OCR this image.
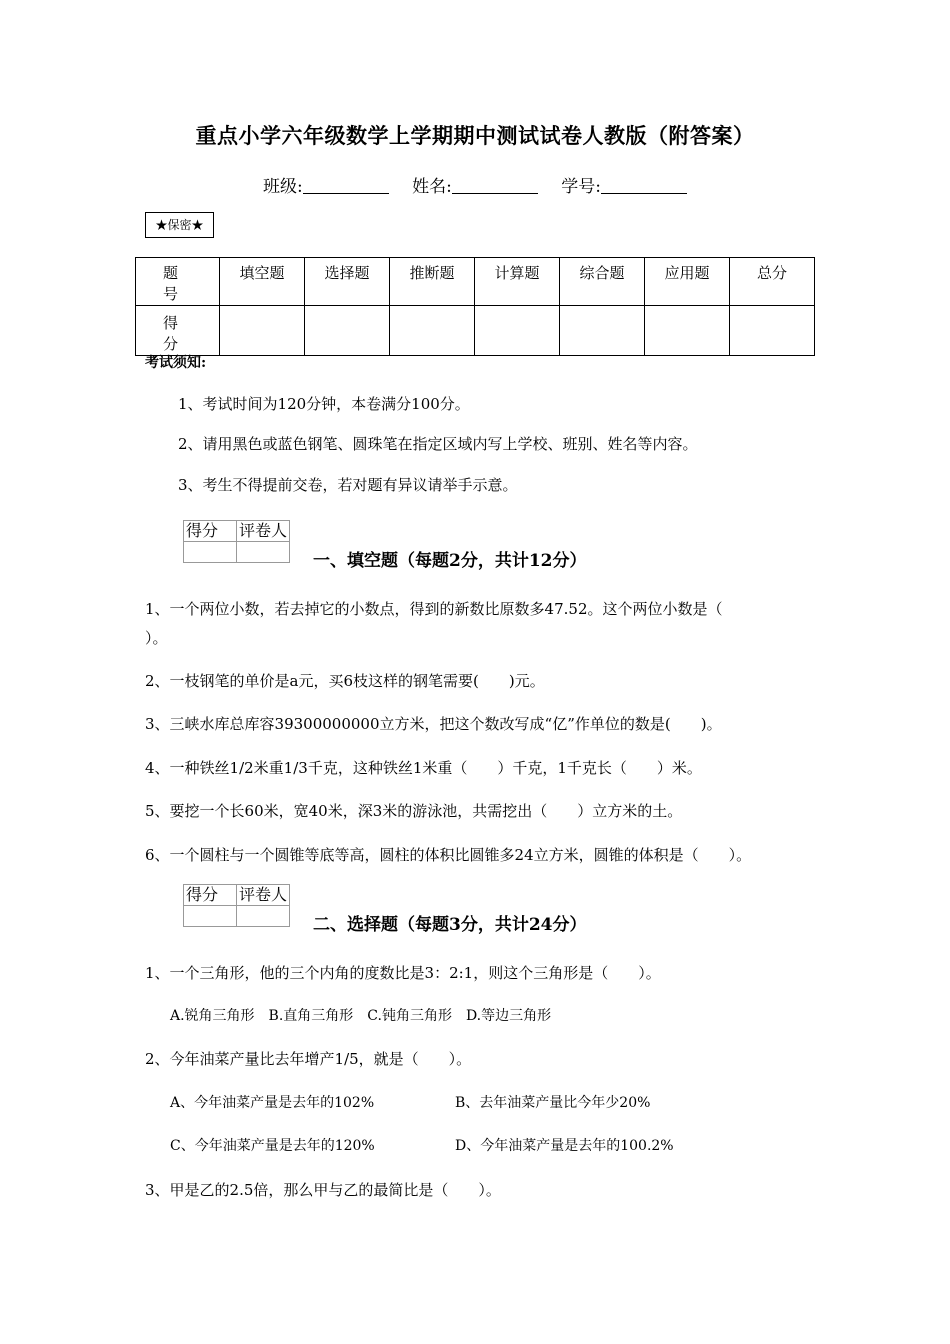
重点小学六年级数学上学期期中测试试卷人教版（附答案）
班级:	姓名:	学号:
★保密★
题　号	填空题	选择题	推断题	计算题	综合题	应用题	总分
得　分							
考试须知:
1、考试时间为120分钟，本卷满分100分。
2、请用黑色或蓝色钢笔、圆珠笔在指定区域内写上学校、班别、姓名等内容。
3、考生不得提前交卷，若对题有异议请举手示意。
得分	评卷人

一、填空题（每题2分，共计12分）
1、一个两位小数，若去掉它的小数点，得到的新数比原数多47.52。这个两位小数是（
）。
2、一枝钢笔的单价是a元，买6枝这样的钢笔需要(　　)元。
3、三峡水库总库容39300000000立方米，把这个数改写成“亿”作单位的数是(　　)。
4、一种铁丝1/2米重1/3千克，这种铁丝1米重（　　）千克，1千克长（　　）米。
5、要挖一个长60米，宽40米，深3米的游泳池，共需挖出（　　）立方米的土。
6、一个圆柱与一个圆锥等底等高，圆柱的体积比圆锥多24立方米，圆锥的体积是（　　）。
得分	评卷人

二、选择题（每题3分，共计24分）
1、一个三角形，他的三个内角的度数比是3：2:1，则这个三角形是（　　）。
A.锐角三角形　B.直角三角形　C.钝角三角形　D.等边三角形
2、今年油菜产量比去年增产1/5，就是（　　）。
A、今年油菜产量是去年的102%	B、去年油菜产量比今年少20%
C、今年油菜产量是去年的120%	D、今年油菜产量是去年的100.2%
3、甲是乙的2.5倍，那么甲与乙的最简比是（　　）。
